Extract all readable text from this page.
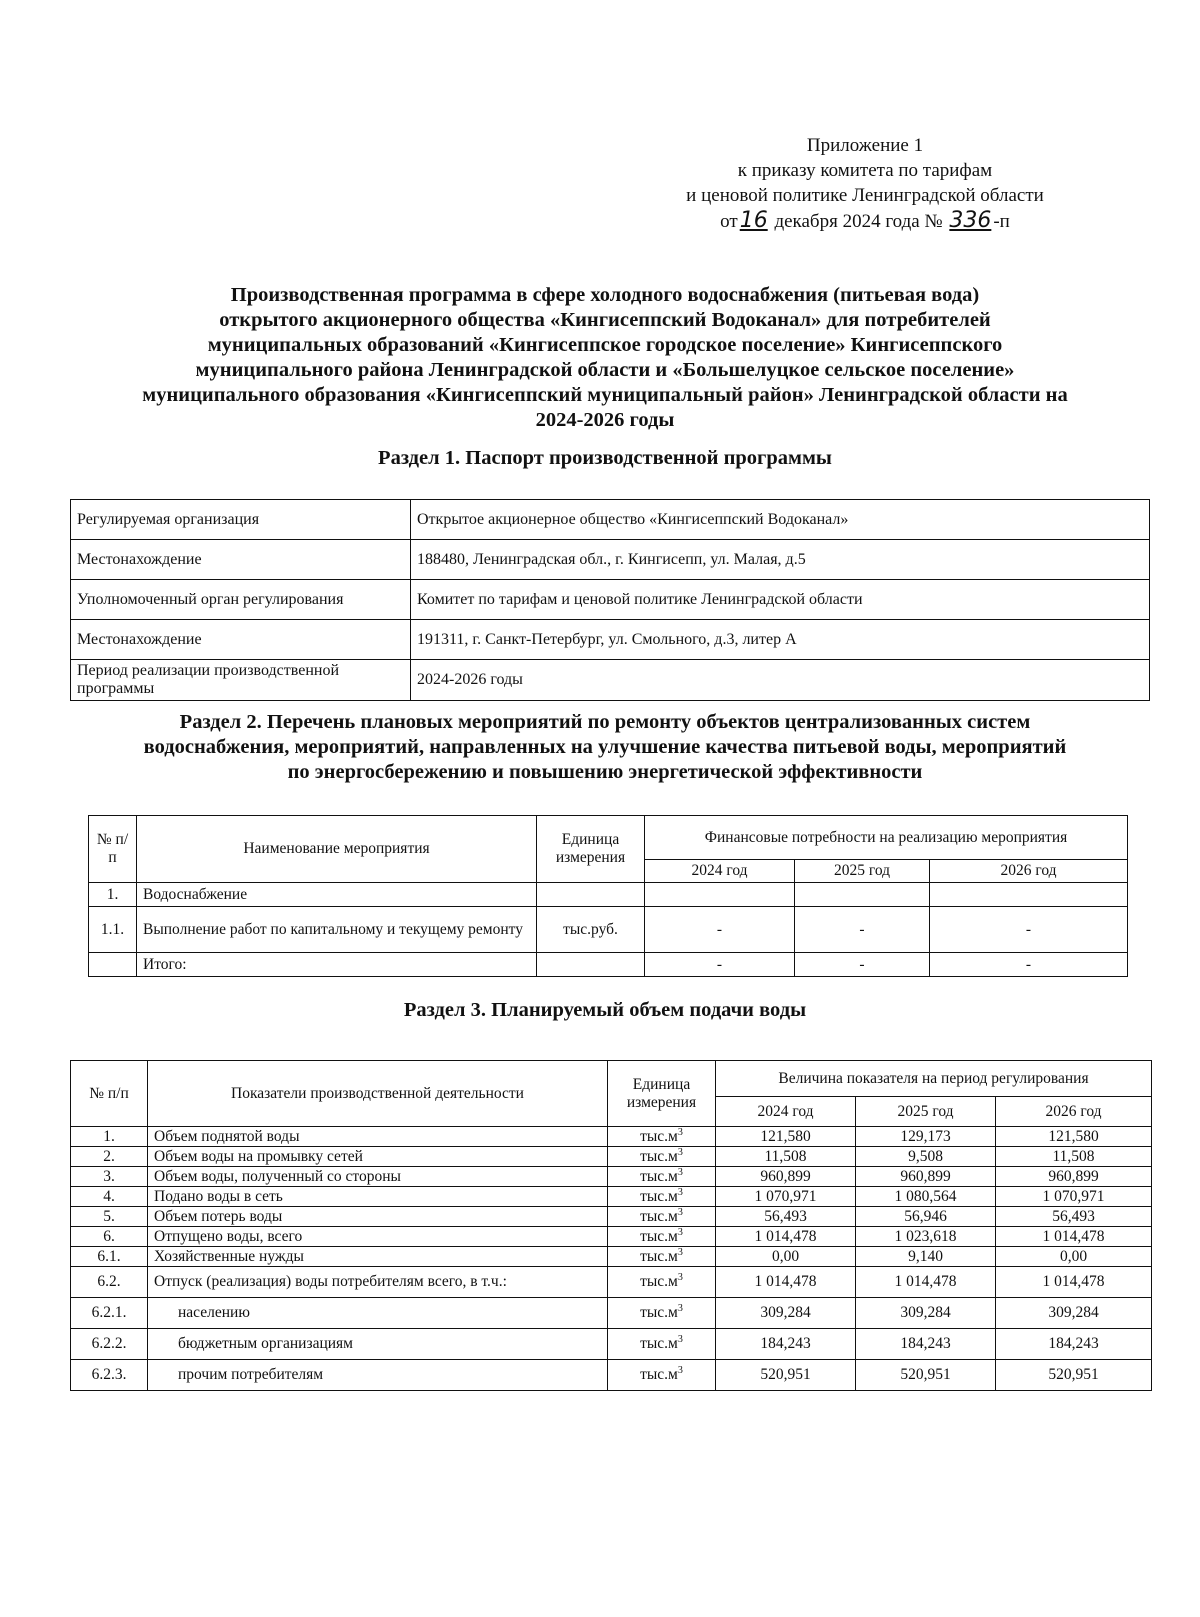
Приложение 1
к приказу комитета по тарифам
и ценовой политике Ленинградской области
от16 декабря 2024 года № 336 -п
Производственная программа в сфере холодного водоснабжения (питьевая вода)
открытого акционерного общества «Кингисеппский Водоканал» для потребителей
муниципальных образований «Кингисеппское городское поселение» Кингисеппского
муниципального района Ленинградской области и «Большелуцкое сельское поселение»
муниципального образования «Кингисеппский муниципальный район» Ленинградской области на
2024-2026 годы
Раздел 1. Паспорт производственной программы
Регулируемая организация	Открытое акционерное общество «Кингисеппский Водоканал»
Местонахождение	188480, Ленинградская обл., г. Кингисепп, ул. Малая, д.5
Уполномоченный орган регулирования	Комитет по тарифам и ценовой политике Ленинградской области
Местонахождение	191311, г. Санкт-Петербург, ул. Смольного, д.3, литер А
Период реализации производственной программы	2024-2026 годы
Раздел 2. Перечень плановых мероприятий по ремонту объектов централизованных систем
водоснабжения, мероприятий, направленных на улучшение качества питьевой воды, мероприятий
по энергосбережению и повышению энергетической эффективности
№ п/п	Наименование мероприятия	Единица измерения	Финансовые потребности на реализацию мероприятия		
			2024 год	2025 год	2026 год
1.	Водоснабжение				
1.1.	Выполнение работ по капитальному и текущему ремонту	тыс.руб.	-	-	-
	Итого:		-	-	-
Раздел 3. Планируемый объем подачи воды
№ п/п	Показатели производственной деятельности	Единица измерения	Величина показателя на период регулирования		
			2024 год	2025 год	2026 год
1.	Объем поднятой воды	$тыс.м^3$	121,580	129,173	121,580
2.	Объем воды на промывку сетей	$тыс.м^3$	11,508	9,508	11,508
3.	Объем воды, полученный со стороны	$тыс.м^3$	960,899	960,899	960,899
4.	Подано воды в сеть	$тыс.м^3$	1 070,971	1 080,564	1 070,971
5.	Объем потерь воды	$тыс.м^3$	56,493	56,946	56,493
6.	Отпущено воды, всего	$тыс.м^3$	1 014,478	1 023,618	1 014,478
6.1.	Хозяйственные нужды	$тыс.м^3$	0,00	9,140	0,00
6.2.	Отпуск (реализация) воды потребителям всего, в т.ч.:	$тыс.м^3$	1 014,478	1 014,478	1 014,478
6.2.1.	населению	$тыс.м^3$	309,284	309,284	309,284
6.2.2.	бюджетным организациям	$тыс.м^3$	184,243	184,243	184,243
6.2.3.	прочим потребителям	$тыс.м^3$	520,951	520,951	520,951
